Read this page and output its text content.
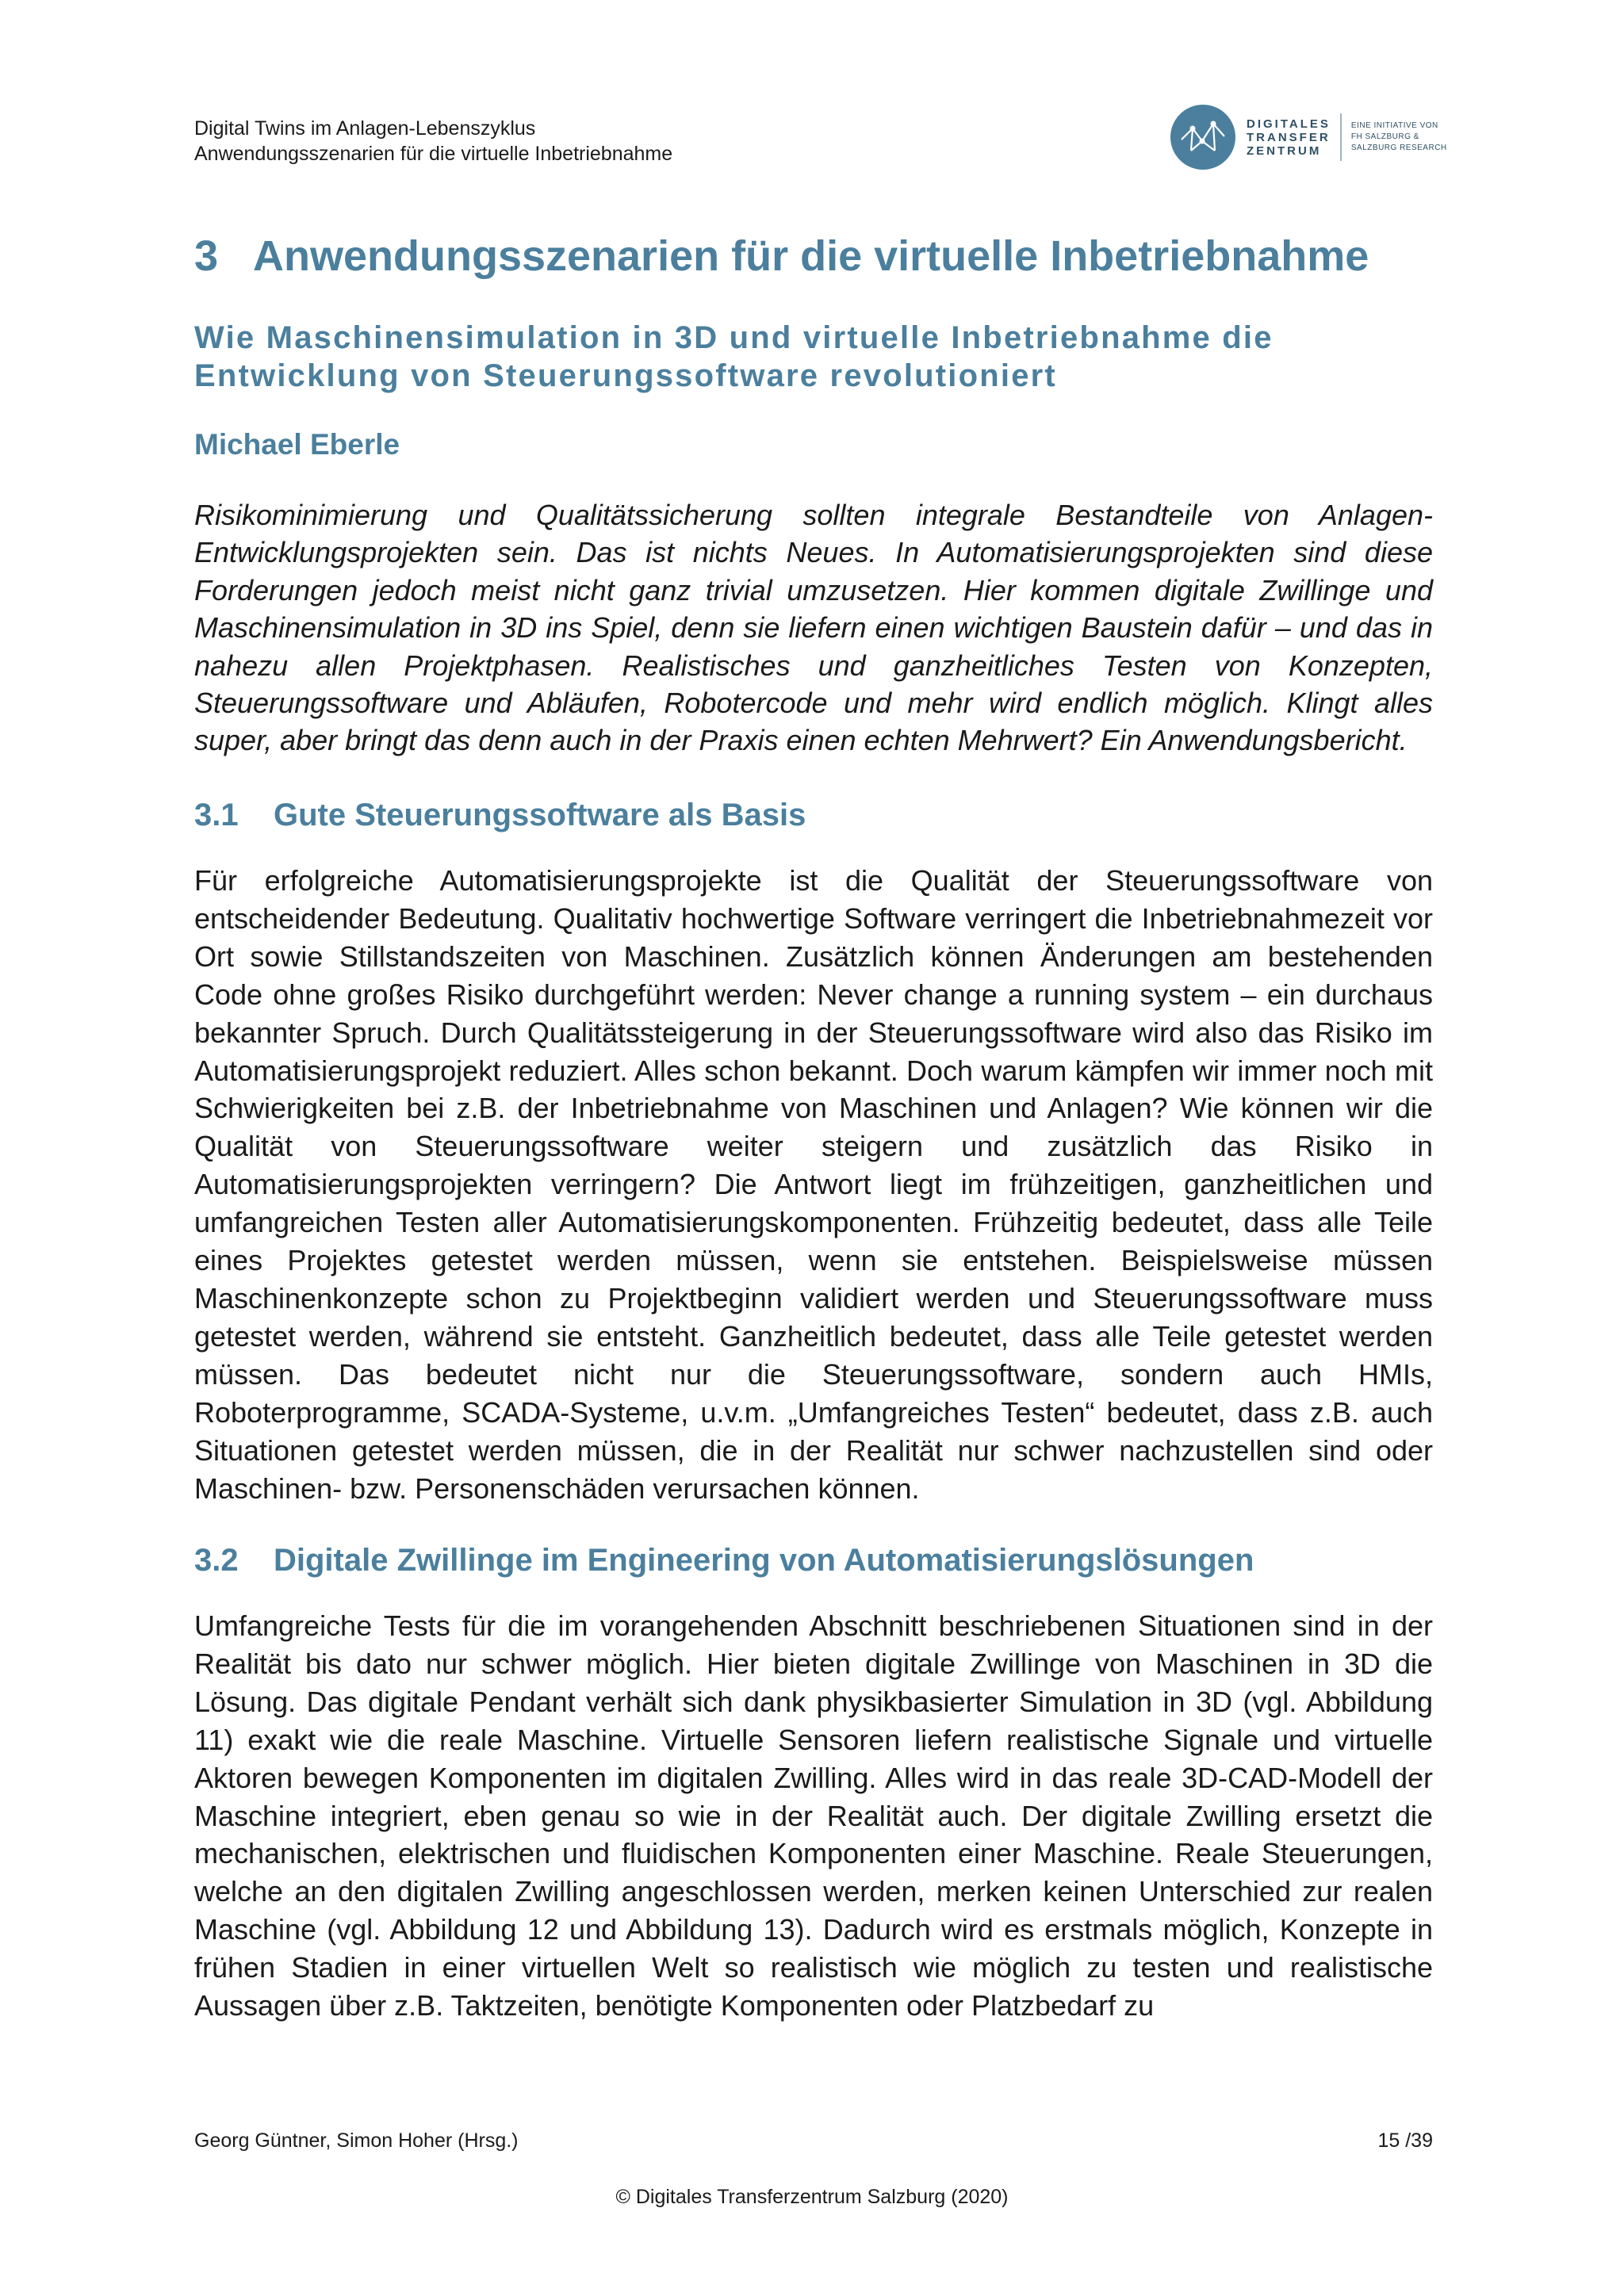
Digital Twins im Anlagen-Lebenszyklus
Anwendungsszenarien für die virtuelle Inbetriebnahme
DIGITALES
TRANSFER
ZENTRUM
EINE INITIATIVE VON
FH SALZBURG &
SALZBURG RESEARCH
3 Anwendungsszenarien für die virtuelle Inbetriebnahme
Wie Maschinensimulation in 3D und virtuelle Inbetriebnahme die
Entwicklung von Steuerungssoftware revolutioniert
Michael Eberle

Risikominimierung und Qualitätssicherung sollten integrale Bestandteile von Anlagen-Entwicklungsprojekten sein. Das ist nichts Neues. In Automatisierungsprojekten sind diese Forderungen jedoch meist nicht ganz trivial umzusetzen. Hier kommen digitale Zwillinge und Maschinensimulation in 3D ins Spiel, denn sie liefern einen wichtigen Baustein dafür – und das in nahezu allen Projektphasen. Realistisches und ganzheitliches Testen von Konzepten, Steuerungssoftware und Abläufen, Robotercode und mehr wird endlich möglich. Klingt alles super, aber bringt das denn auch in der Praxis einen echten Mehrwert? Ein Anwendungsbericht.

3.1 Gute Steuerungssoftware als Basis

Für erfolgreiche Automatisierungsprojekte ist die Qualität der Steuerungssoftware von entscheidender Bedeutung. Qualitativ hochwertige Software verringert die Inbetriebnahmezeit vor Ort sowie Stillstandszeiten von Maschinen. Zusätzlich können Änderungen am bestehenden Code ohne großes Risiko durchgeführt werden: Never change a running system – ein durchaus bekannter Spruch. Durch Qualitätssteigerung in der Steuerungssoftware wird also das Risiko im Automatisierungsprojekt reduziert. Alles schon bekannt. Doch warum kämpfen wir immer noch mit Schwierigkeiten bei z.B. der Inbetriebnahme von Maschinen und Anlagen? Wie können wir die Qualität von Steuerungssoftware weiter steigern und zusätzlich das Risiko in Automatisierungsprojekten verringern? Die Antwort liegt im frühzeitigen, ganzheitlichen und umfangreichen Testen aller Automatisierungskomponenten. Frühzeitig bedeutet, dass alle Teile eines Projektes getestet werden müssen, wenn sie entstehen. Beispielsweise müssen Maschinenkonzepte schon zu Projektbeginn validiert werden und Steuerungssoftware muss getestet werden, während sie entsteht. Ganzheitlich bedeutet, dass alle Teile getestet werden müssen. Das bedeutet nicht nur die Steuerungssoftware, sondern auch HMIs, Roboterprogramme, SCADA-Systeme, u.v.m. „Umfangreiches Testen“ bedeutet, dass z.B. auch Situationen getestet werden müssen, die in der Realität nur schwer nachzustellen sind oder Maschinen- bzw. Personenschäden verursachen können.

3.2 Digitale Zwillinge im Engineering von Automatisierungslösungen

Umfangreiche Tests für die im vorangehenden Abschnitt beschriebenen Situationen sind in der Realität bis dato nur schwer möglich. Hier bieten digitale Zwillinge von Maschinen in 3D die Lösung. Das digitale Pendant verhält sich dank physikbasierter Simulation in 3D (vgl. Abbildung 11) exakt wie die reale Maschine. Virtuelle Sensoren liefern realistische Signale und virtuelle Aktoren bewegen Komponenten im digitalen Zwilling. Alles wird in das reale 3D-CAD-Modell der Maschine integriert, eben genau so wie in der Realität auch. Der digitale Zwilling ersetzt die mechanischen, elektrischen und fluidischen Komponenten einer Maschine. Reale Steuerungen, welche an den digitalen Zwilling angeschlossen werden, merken keinen Unterschied zur realen Maschine (vgl. Abbildung 12 und Abbildung 13). Dadurch wird es erstmals möglich, Konzepte in frühen Stadien in einer virtuellen Welt so realistisch wie möglich zu testen und realistische Aussagen über z.B. Taktzeiten, benötigte Komponenten oder Platzbedarf zu

Georg Güntner, Simon Hoher (Hrsg.)	15 /39
© Digitales Transferzentrum Salzburg (2020)
